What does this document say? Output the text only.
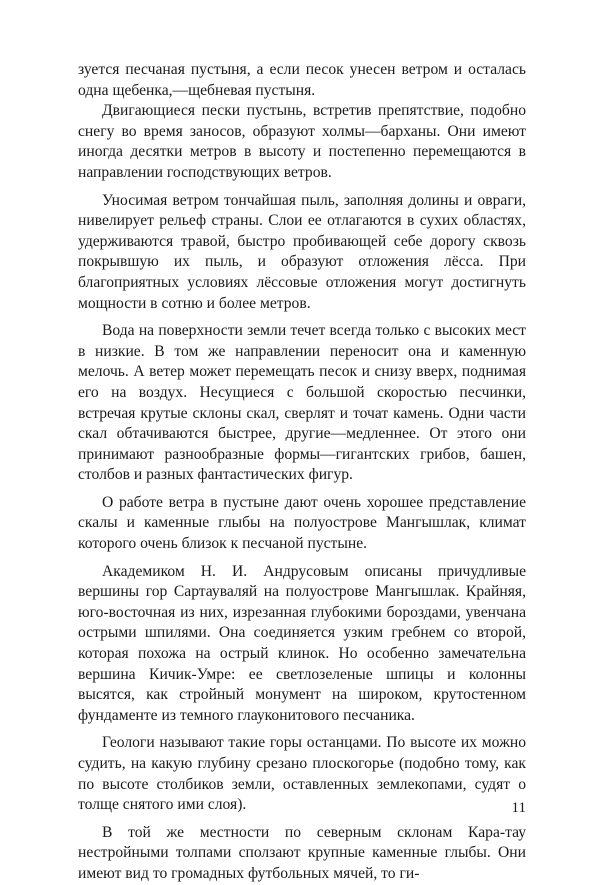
зуется песчаная пустыня, а если песок унесен ветром и осталась одна щебенка,—щебневая пустыня.

Двигающиеся пески пустынь, встретив препятствие, подобно снегу во время заносов, образуют холмы—барханы. Они имеют иногда десятки метров в высоту и постепенно перемещаются в направлении господствующих ветров.

Уносимая ветром тончайшая пыль, заполняя долины и овраги, нивелирует рельеф страны. Слои ее отлагаются в сухих областях, удерживаются травой, быстро пробивающей себе дорогу сквозь покрывшую их пыль, и образуют отложения лёсса. При благоприятных условиях лёссовые отложения могут достигнуть мощности в сотню и более метров.

Вода на поверхности земли течет всегда только с высоких мест в низкие. В том же направлении переносит она и каменную мелочь. А ветер может перемещать песок и снизу вверх, поднимая его на воздух. Несущиеся с большой скоростью песчинки, встречая крутые склоны скал, сверлят и точат камень. Одни части скал обтачиваются быстрее, другие—медленнее. От этого они принимают разнообразные формы—гигантских грибов, башен, столбов и разных фантастических фигур.

О работе ветра в пустыне дают очень хорошее представление скалы и каменные глыбы на полуострове Мангышлак, климат которого очень близок к песчаной пустыне.

Академиком Н. И. Андрусовым описаны причудливые вершины гор Сартауваляй на полуострове Мангышлак. Крайняя, юго-восточная из них, изрезанная глубокими бороздами, увенчана острыми шпилями. Она соединяется узким гребнем со второй, которая похожа на острый клинок. Но особенно замечательна вершина Кичик-Умре: ее светлозеленые шпицы и колонны высятся, как стройный монумент на широком, крутостенном фундаменте из темного глауконитового песчаника.

Геологи называют такие горы останцами. По высоте их можно судить, на какую глубину срезано плоскогорье (подобно тому, как по высоте столбиков земли, оставленных землекопами, судят о толще снятого ими слоя).

В той же местности по северным склонам Кара-тау нестройными толпами сползают крупные каменные глыбы. Они имеют вид то громадных футбольных мячей, то ги-

11
